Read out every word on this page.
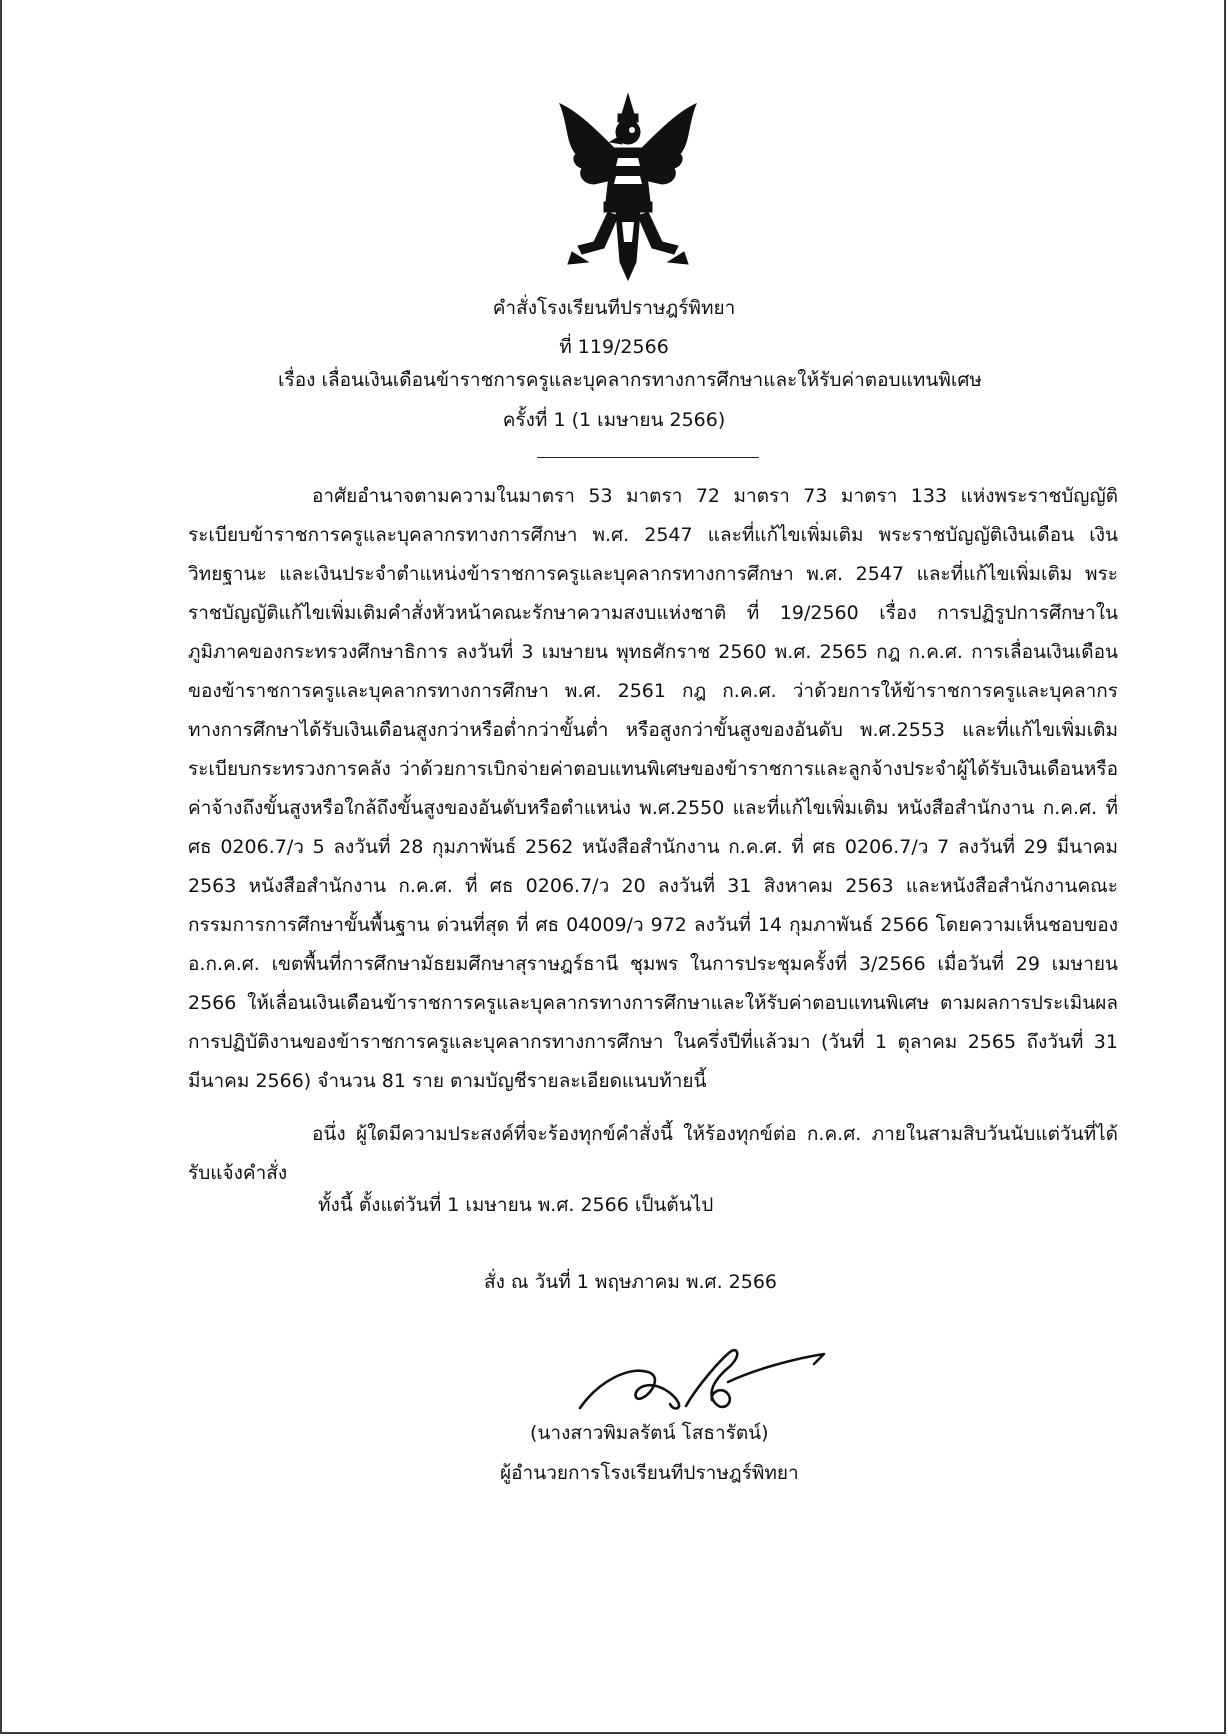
คำสั่งโรงเรียนทีปราษฎร์พิทยา
ที่ 119/2566
เรื่อง เลื่อนเงินเดือนข้าราชการครูและบุคลากรทางการศึกษาและให้รับค่าตอบแทนพิเศษ
ครั้งที่ 1 (1 เมษายน 2566)

อาศัยอำนาจตามความในมาตรา 53 มาตรา 72 มาตรา 73 มาตรา 133 แห่งพระราชบัญญัติระเบียบข้าราชการครูและบุคลากรทางการศึกษา พ.ศ. 2547 และที่แก้ไขเพิ่มเติม พระราชบัญญัติเงินเดือน เงินวิทยฐานะ และเงินประจำตำแหน่งข้าราชการครูและบุคลากรทางการศึกษา พ.ศ. 2547 และที่แก้ไขเพิ่มเติม พระราชบัญญัติแก้ไขเพิ่มเติมคำสั่งหัวหน้าคณะรักษาความสงบแห่งชาติ ที่ 19/2560 เรื่อง การปฏิรูปการศึกษาในภูมิภาคของกระทรวงศึกษาธิการ ลงวันที่ 3 เมษายน พุทธศักราช 2560 พ.ศ. 2565 กฎ ก.ค.ศ. การเลื่อนเงินเดือนของข้าราชการครูและบุคลากรทางการศึกษา พ.ศ. 2561 กฎ ก.ค.ศ. ว่าด้วยการให้ข้าราชการครูและบุคลากรทางการศึกษาได้รับเงินเดือนสูงกว่าหรือต่ำกว่าขั้นต่ำ หรือสูงกว่าขั้นสูงของอันดับ พ.ศ.2553 และที่แก้ไขเพิ่มเติม ระเบียบกระทรวงการคลัง ว่าด้วยการเบิกจ่ายค่าตอบแทนพิเศษของข้าราชการและลูกจ้างประจำผู้ได้รับเงินเดือนหรือค่าจ้างถึงขั้นสูงหรือใกล้ถึงขั้นสูงของอันดับหรือตำแหน่ง พ.ศ.2550 และที่แก้ไขเพิ่มเติม หนังสือสำนักงาน ก.ค.ศ. ที่ ศธ 0206.7/ว 5 ลงวันที่ 28 กุมภาพันธ์ 2562 หนังสือสำนักงาน ก.ค.ศ. ที่ ศธ 0206.7/ว 7 ลงวันที่ 29 มีนาคม 2563 หนังสือสำนักงาน ก.ค.ศ. ที่ ศธ 0206.7/ว 20 ลงวันที่ 31 สิงหาคม 2563 และหนังสือสำนักงานคณะกรรมการการศึกษาขั้นพื้นฐาน ด่วนที่สุด ที่ ศธ 04009/ว 972 ลงวันที่ 14 กุมภาพันธ์ 2566 โดยความเห็นชอบของ อ.ก.ค.ศ. เขตพื้นที่การศึกษามัธยมศึกษาสุราษฎร์ธานี ชุมพร ในการประชุมครั้งที่ 3/2566 เมื่อวันที่ 29 เมษายน 2566 ให้เลื่อนเงินเดือนข้าราชการครูและบุคลากรทางการศึกษาและให้รับค่าตอบแทนพิเศษ ตามผลการประเมินผลการปฏิบัติงานของข้าราชการครูและบุคลากรทางการศึกษา ในครึ่งปีที่แล้วมา (วันที่ 1 ตุลาคม 2565 ถึงวันที่ 31 มีนาคม 2566) จำนวน 81 ราย ตามบัญชีรายละเอียดแนบท้ายนี้

อนึ่ง ผู้ใดมีความประสงค์ที่จะร้องทุกข์คำสั่งนี้ ให้ร้องทุกข์ต่อ ก.ค.ศ. ภายในสามสิบวันนับแต่วันที่ได้รับแจ้งคำสั่ง

ทั้งนี้ ตั้งแต่วันที่ 1 เมษายน พ.ศ. 2566 เป็นต้นไป
สั่ง ณ วันที่ 1 พฤษภาคม พ.ศ. 2566
(นางสาวพิมลรัตน์ โสธารัตน์)
ผู้อำนวยการโรงเรียนทีปราษฎร์พิทยา
